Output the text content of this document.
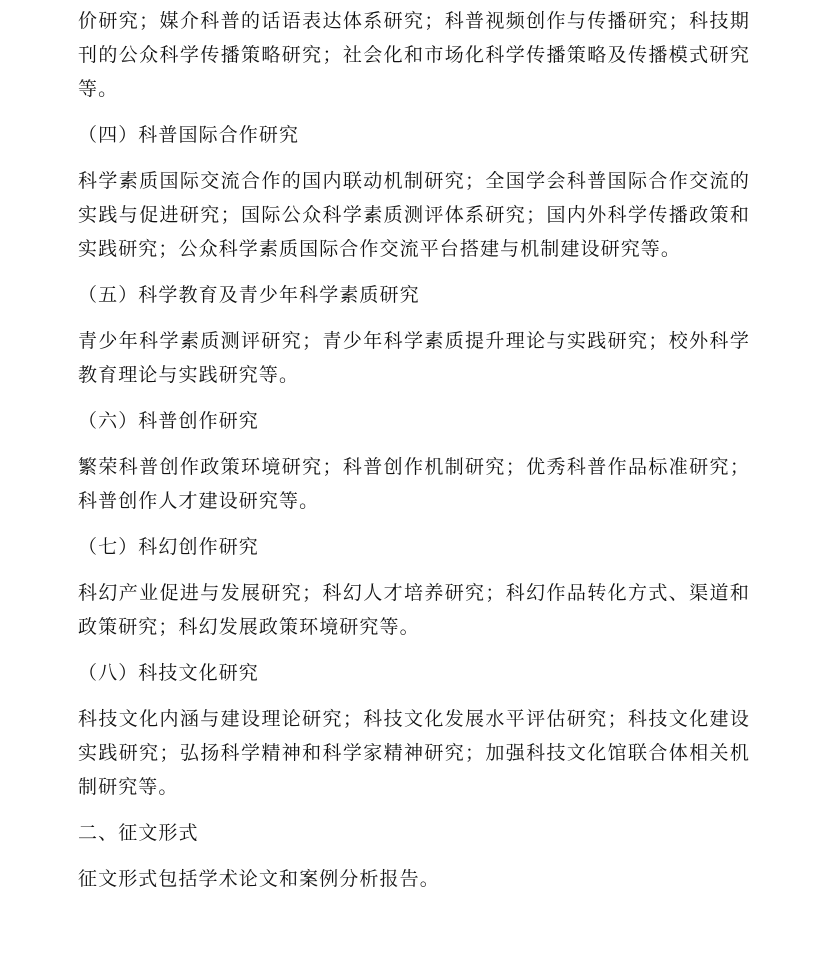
价研究；媒介科普的话语表达体系研究；科普视频创作与传播研究；科技期刊的公众科学传播策略研究；社会化和市场化科学传播策略及传播模式研究等。

（四）科普国际合作研究

科学素质国际交流合作的国内联动机制研究；全国学会科普国际合作交流的实践与促进研究；国际公众科学素质测评体系研究；国内外科学传播政策和实践研究；公众科学素质国际合作交流平台搭建与机制建设研究等。

（五）科学教育及青少年科学素质研究

青少年科学素质测评研究；青少年科学素质提升理论与实践研究；校外科学教育理论与实践研究等。

（六）科普创作研究

繁荣科普创作政策环境研究；科普创作机制研究；优秀科普作品标准研究；科普创作人才建设研究等。

（七）科幻创作研究

科幻产业促进与发展研究；科幻人才培养研究；科幻作品转化方式、渠道和政策研究；科幻发展政策环境研究等。

（八）科技文化研究

科技文化内涵与建设理论研究；科技文化发展水平评估研究；科技文化建设实践研究；弘扬科学精神和科学家精神研究；加强科技文化馆联合体相关机制研究等。

二、征文形式

征文形式包括学术论文和案例分析报告。
